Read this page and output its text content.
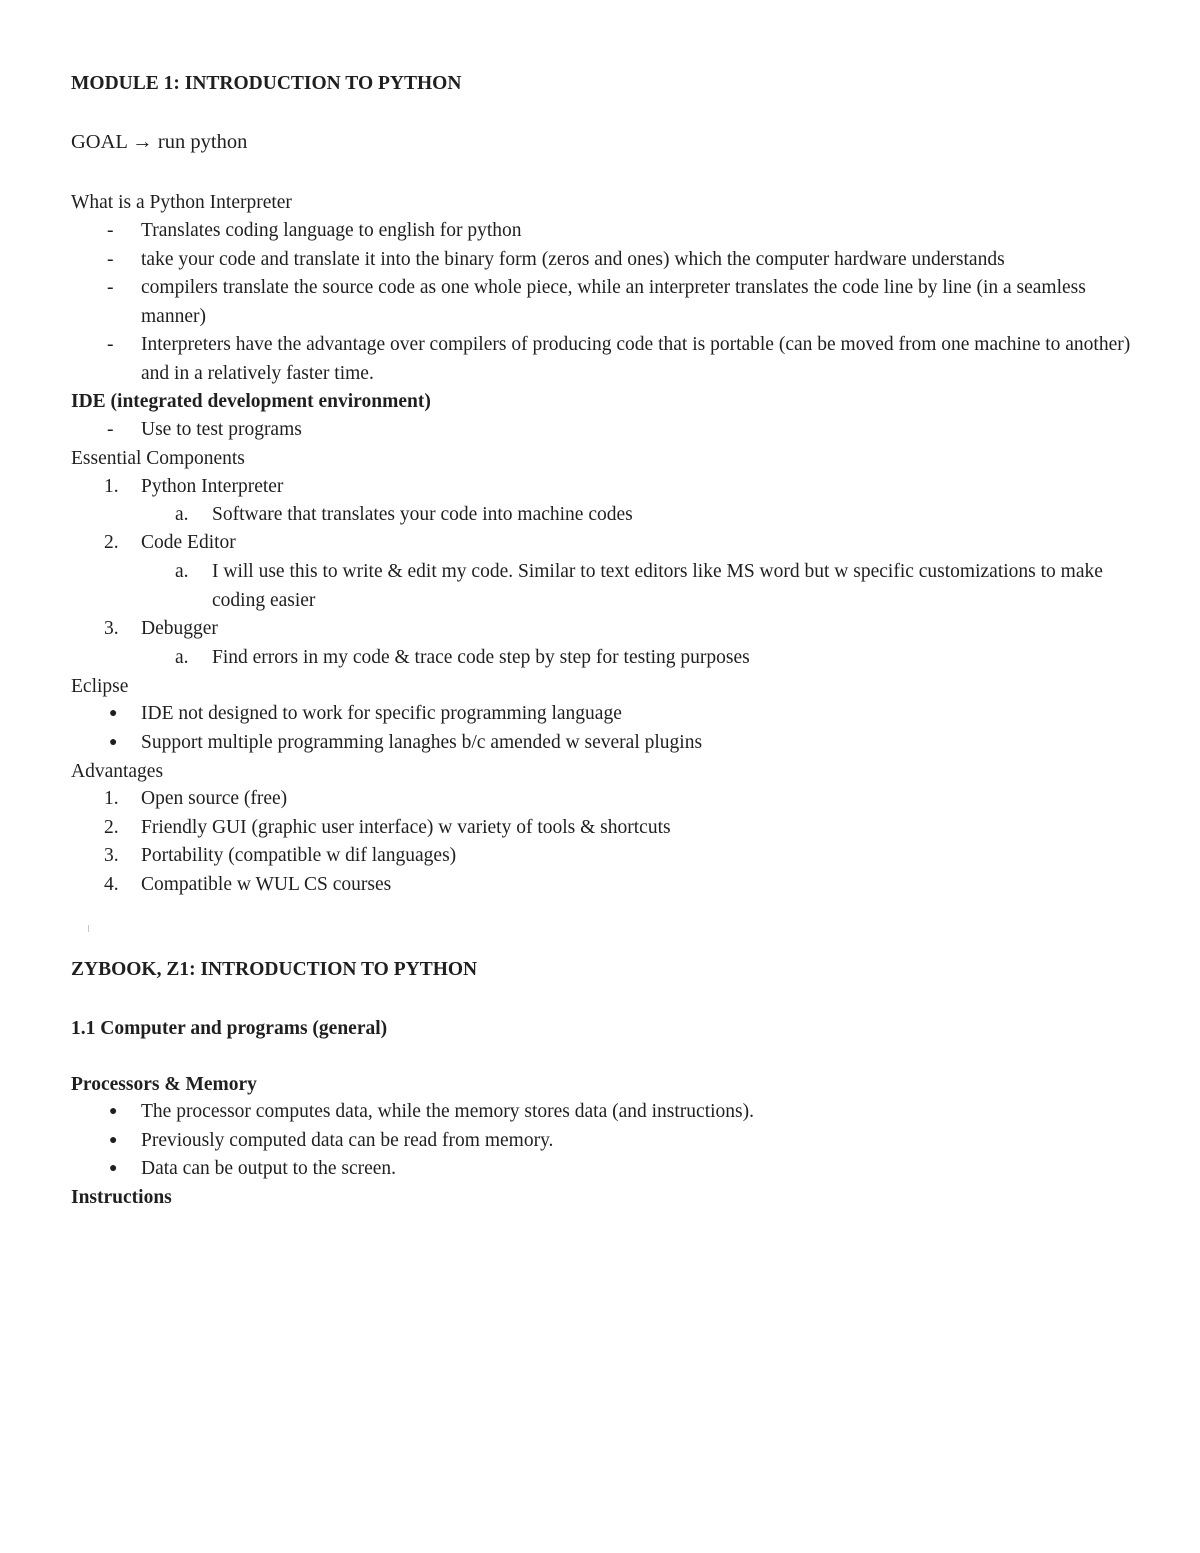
MODULE 1: INTRODUCTION TO PYTHON
GOAL → run python
What is a Python Interpreter
-	Translates coding language to english for python
-	take your code and translate it into the binary form (zeros and ones) which the computer hardware understands
-	compilers translate the source code as one whole piece, while an interpreter translates the code line by line (in a seamless manner)
-	Interpreters have the advantage over compilers of producing code that is portable (can be moved from one machine to another) and in a relatively faster time.
IDE (integrated development environment)
-	Use to test programs
Essential Components
1.	Python Interpreter
a.	Software that translates your code into machine codes
2.	Code Editor
a.	I will use this to write & edit my code. Similar to text editors like MS word but w specific customizations to make coding easier
3.	Debugger
a.	Find errors in my code & trace code step by step for testing purposes
Eclipse
●	IDE not designed to work for specific programming language
●	Support multiple programming lanaghes b/c amended w several plugins
Advantages
1.	Open source (free)
2.	Friendly GUI (graphic user interface) w variety of tools & shortcuts
3.	Portability (compatible w dif languages)
4.	Compatible w WUL CS courses
ZYBOOK, Z1: INTRODUCTION TO PYTHON
1.1 Computer and programs (general)
Processors & Memory
●	The processor computes data, while the memory stores data (and instructions).
●	Previously computed data can be read from memory.
●	Data can be output to the screen.
Instructions
